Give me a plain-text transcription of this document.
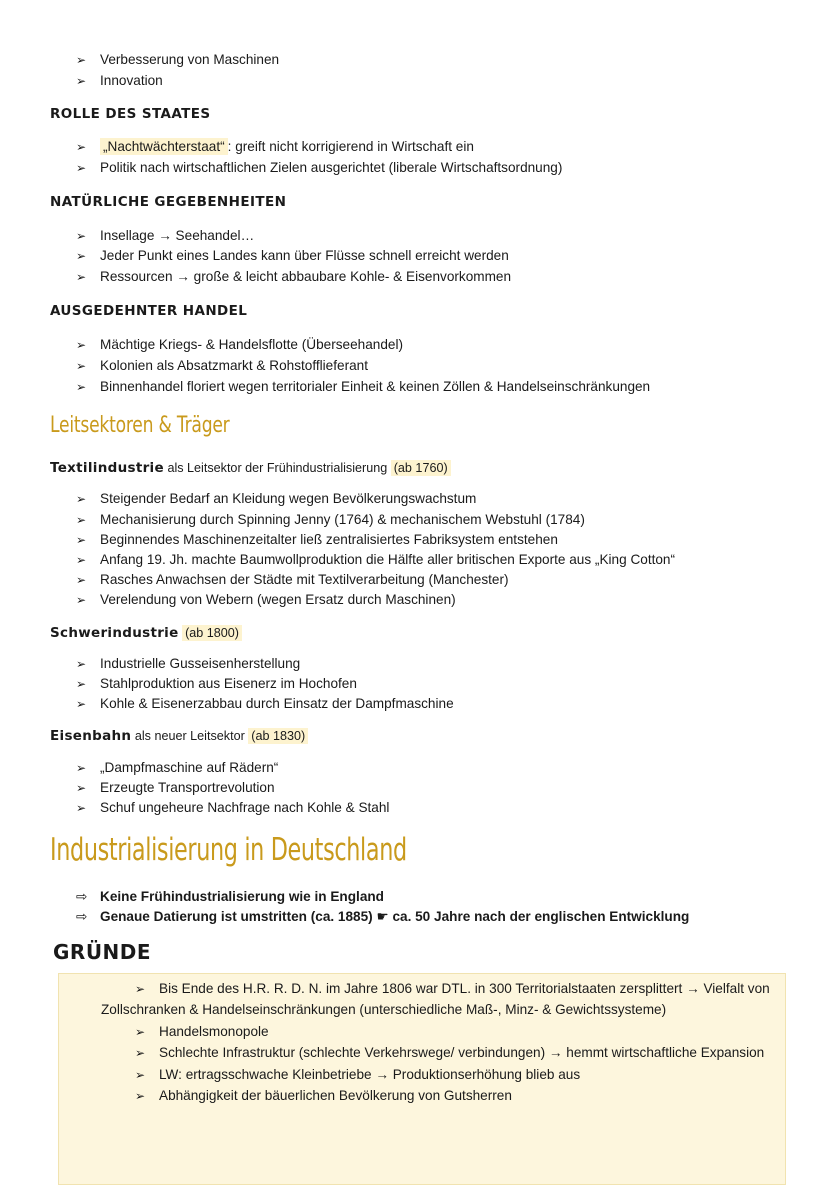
➢ Verbesserung von Maschinen
➢ Innovation
ROLLE DES STAATES
➢ „Nachtwächterstaat“ : greift nicht korrigierend in Wirtschaft ein
➢ Politik nach wirtschaftlichen Zielen ausgerichtet (liberale Wirtschaftsordnung)
NATÜRLICHE GEGEBENHEITEN
➢ Insellage → Seehandel…
➢ Jeder Punkt eines Landes kann über Flüsse schnell erreicht werden
➢ Ressourcen → große & leicht abbaubare Kohle- & Eisenvorkommen
AUSGEDEHNTER HANDEL
➢ Mächtige Kriegs- & Handelsflotte (Überseehandel)
➢ Kolonien als Absatzmarkt & Rohstofflieferant
➢ Binnenhandel floriert wegen territorialer Einheit & keinen Zöllen & Handelseinschränkungen
Leitsektoren & Träger
Textilindustrie als Leitsektor der Frühindustrialisierung (ab 1760)
➢ Steigender Bedarf an Kleidung wegen Bevölkerungswachstum
➢ Mechanisierung durch Spinning Jenny (1764) & mechanischem Webstuhl (1784)
➢ Beginnendes Maschinenzeitalter ließ zentralisiertes Fabriksystem entstehen
➢ Anfang 19. Jh. machte Baumwollproduktion die Hälfte aller britischen Exporte aus „King Cotton“
➢ Rasches Anwachsen der Städte mit Textilverarbeitung (Manchester)
➢ Verelendung von Webern (wegen Ersatz durch Maschinen)
Schwerindustrie (ab 1800)
➢ Industrielle Gusseisenherstellung
➢ Stahlproduktion aus Eisenerz im Hochofen
➢ Kohle & Eisenerzabbau durch Einsatz der Dampfmaschine
Eisenbahn als neuer Leitsektor (ab 1830)
➢ „Dampfmaschine auf Rädern“
➢ Erzeugte Transportrevolution
➢ Schuf ungeheure Nachfrage nach Kohle & Stahl
Industrialisierung in Deutschland
⇨ Keine Frühindustrialisierung wie in England
⇨ Genaue Datierung ist umstritten (ca. 1885) ☛ ca. 50 Jahre nach der englischen Entwicklung
GRÜNDE
➢ Bis Ende des H.R. R. D. N. im Jahre 1806 war DTL. in 300 Territorialstaaten zersplittert → Vielfalt von
Zollschranken & Handelseinschränkungen (unterschiedliche Maß-, Minz- & Gewichtssysteme)
➢ Handelsmonopole
➢ Schlechte Infrastruktur (schlechte Verkehrswege/ verbindungen) → hemmt wirtschaftliche Expansion
➢ LW: ertragsschwache Kleinbetriebe → Produktionserhöhung blieb aus
➢ Abhängigkeit der bäuerlichen Bevölkerung von Gutsherren
